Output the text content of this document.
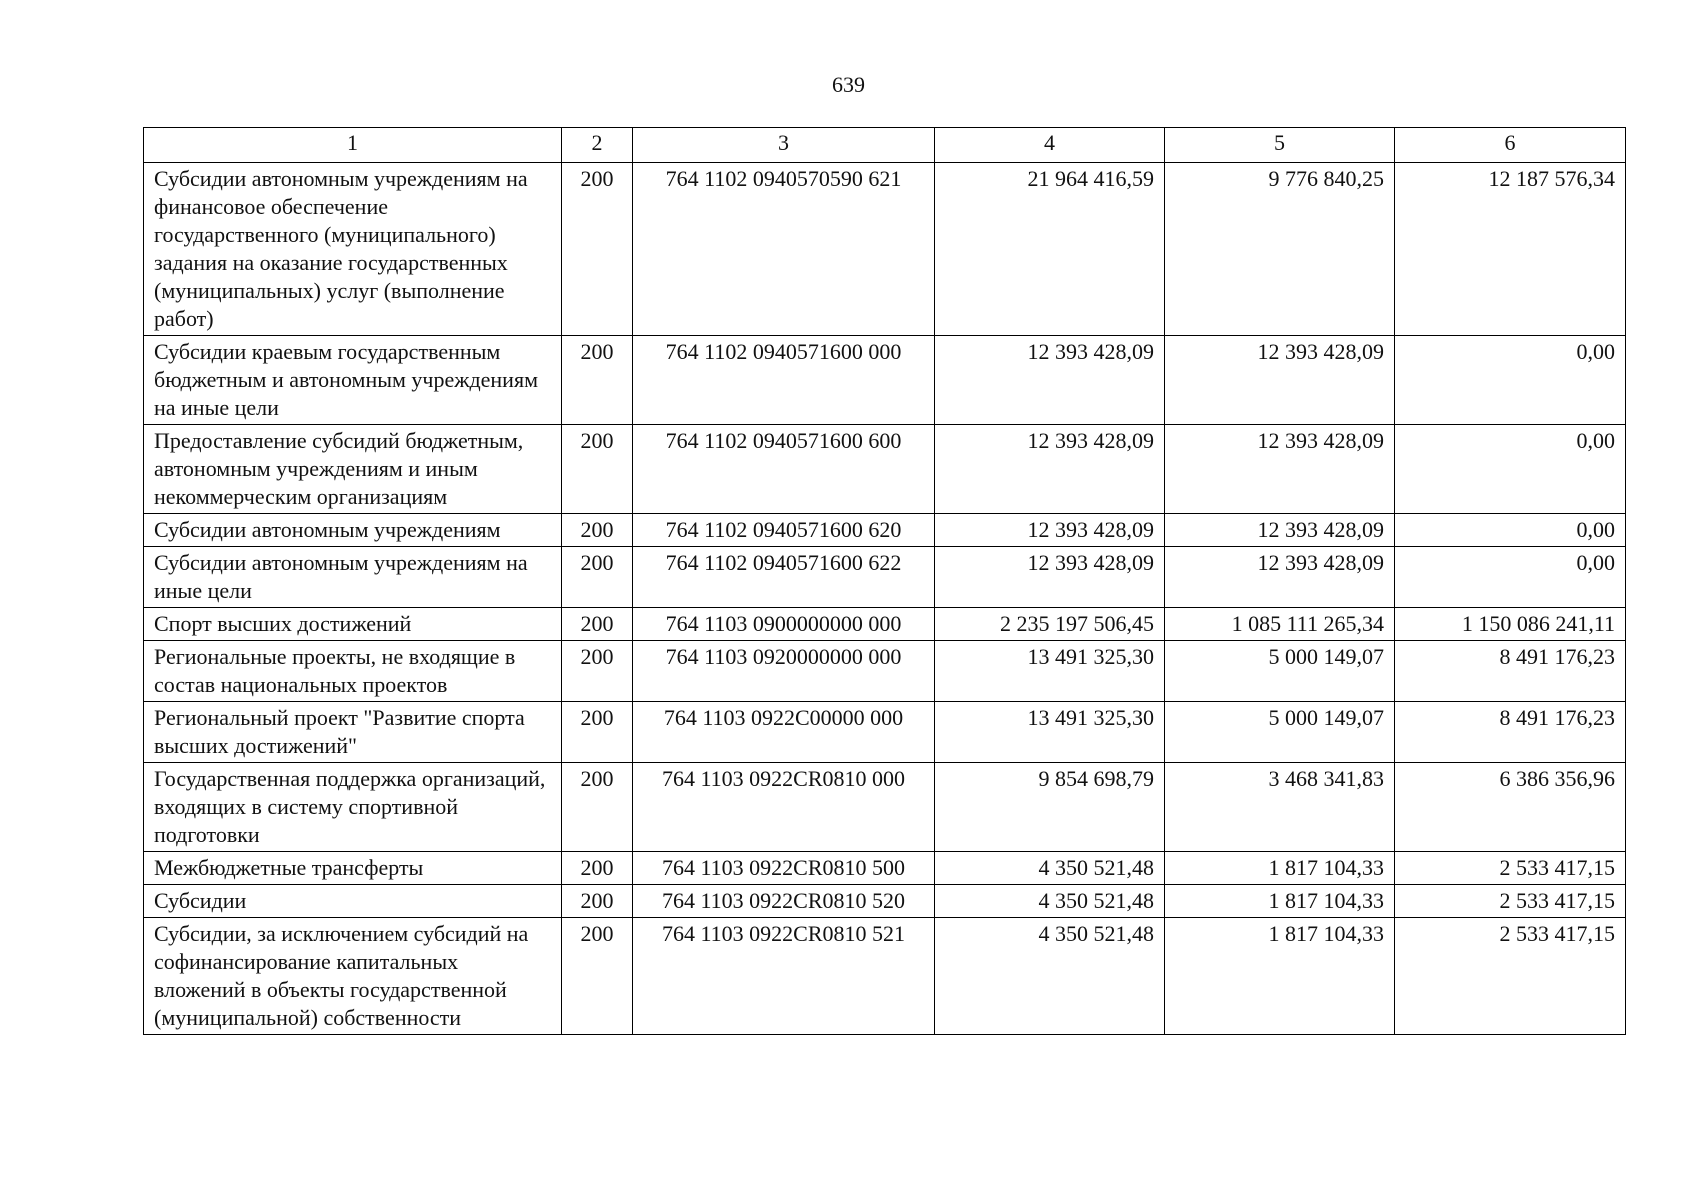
639
1	2	3	4	5	6
Субсидии автономным учреждениям на финансовое обеспечение государственного (муниципального) задания на оказание государственных (муниципальных) услуг (выполнение работ)	200	764 1102 0940570590 621	21 964 416,59	9 776 840,25	12 187 576,34
Субсидии краевым государственным бюджетным и автономным учреждениям на иные цели	200	764 1102 0940571600 000	12 393 428,09	12 393 428,09	0,00
Предоставление субсидий бюджетным, автономным учреждениям и иным некоммерческим организациям	200	764 1102 0940571600 600	12 393 428,09	12 393 428,09	0,00
Субсидии автономным учреждениям	200	764 1102 0940571600 620	12 393 428,09	12 393 428,09	0,00
Субсидии автономным учреждениям на иные цели	200	764 1102 0940571600 622	12 393 428,09	12 393 428,09	0,00
Спорт высших достижений	200	764 1103 0900000000 000	2 235 197 506,45	1 085 111 265,34	1 150 086 241,11
Региональные проекты, не входящие в состав национальных проектов	200	764 1103 0920000000 000	13 491 325,30	5 000 149,07	8 491 176,23
Региональный проект "Развитие спорта высших достижений"	200	764 1103 0922С00000 000	13 491 325,30	5 000 149,07	8 491 176,23
Государственная поддержка организаций, входящих в систему спортивной подготовки	200	764 1103 0922CR0810 000	9 854 698,79	3 468 341,83	6 386 356,96
Межбюджетные трансферты	200	764 1103 0922CR0810 500	4 350 521,48	1 817 104,33	2 533 417,15
Субсидии	200	764 1103 0922CR0810 520	4 350 521,48	1 817 104,33	2 533 417,15
Субсидии, за исключением субсидий на софинансирование капитальных вложений в объекты государственной (муниципальной) собственности	200	764 1103 0922CR0810 521	4 350 521,48	1 817 104,33	2 533 417,15
